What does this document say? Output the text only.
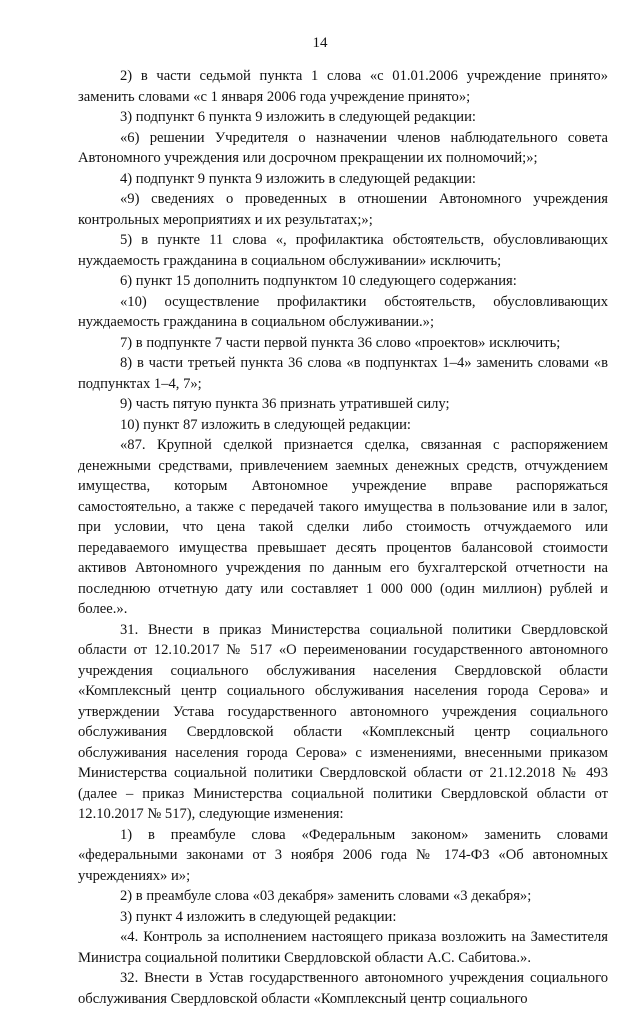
14

2) в части седьмой пункта 1 слова «с 01.01.2006 учреждение принято» заменить словами «с 1 января 2006 года учреждение принято»;

3) подпункт 6 пункта 9 изложить в следующей редакции:

«6) решении Учредителя о назначении членов наблюдательного совета Автономного учреждения или досрочном прекращении их полномочий;»;

4) подпункт 9 пункта 9 изложить в следующей редакции:

«9) сведениях о проведенных в отношении Автономного учреждения контрольных мероприятиях и их результатах;»;

5) в пункте 11 слова «, профилактика обстоятельств, обусловливающих нуждаемость гражданина в социальном обслуживании» исключить;

6) пункт 15 дополнить подпунктом 10 следующего содержания:

«10) осуществление профилактики обстоятельств, обусловливающих нуждаемость гражданина в социальном обслуживании.»;

7) в подпункте 7 части первой пункта 36 слово «проектов» исключить;

8) в части третьей пункта 36 слова «в подпунктах 1–4» заменить словами «в подпунктах 1–4, 7»;

9) часть пятую пункта 36 признать утратившей силу;

10) пункт 87 изложить в следующей редакции:

«87. Крупной сделкой признается сделка, связанная с распоряжением денежными средствами, привлечением заемных денежных средств, отчуждением имущества, которым Автономное учреждение вправе распоряжаться самостоятельно, а также с передачей такого имущества в пользование или в залог, при условии, что цена такой сделки либо стоимость отчуждаемого или передаваемого имущества превышает десять процентов балансовой стоимости активов Автономного учреждения по данным его бухгалтерской отчетности на последнюю отчетную дату или составляет 1 000 000 (один миллион) рублей и более.».

31. Внести в приказ Министерства социальной политики Свердловской области от 12.10.2017 № 517 «О переименовании государственного автономного учреждения социального обслуживания населения Свердловской области «Комплексный центр социального обслуживания населения города Серова» и утверждении Устава государственного автономного учреждения социального обслуживания Свердловской области «Комплексный центр социального обслуживания населения города Серова» с изменениями, внесенными приказом Министерства социальной политики Свердловской области от 21.12.2018 № 493 (далее – приказ Министерства социальной политики Свердловской области от 12.10.2017 № 517), следующие изменения:

1) в преамбуле слова «Федеральным законом» заменить словами «федеральными законами от 3 ноября 2006 года № 174-ФЗ «Об автономных учреждениях» и»;

2) в преамбуле слова «03 декабря» заменить словами «3 декабря»;

3) пункт 4 изложить в следующей редакции:

«4. Контроль за исполнением настоящего приказа возложить на Заместителя Министра социальной политики Свердловской области А.С. Сабитова.».

32. Внести в Устав государственного автономного учреждения социального обслуживания Свердловской области «Комплексный центр социального
